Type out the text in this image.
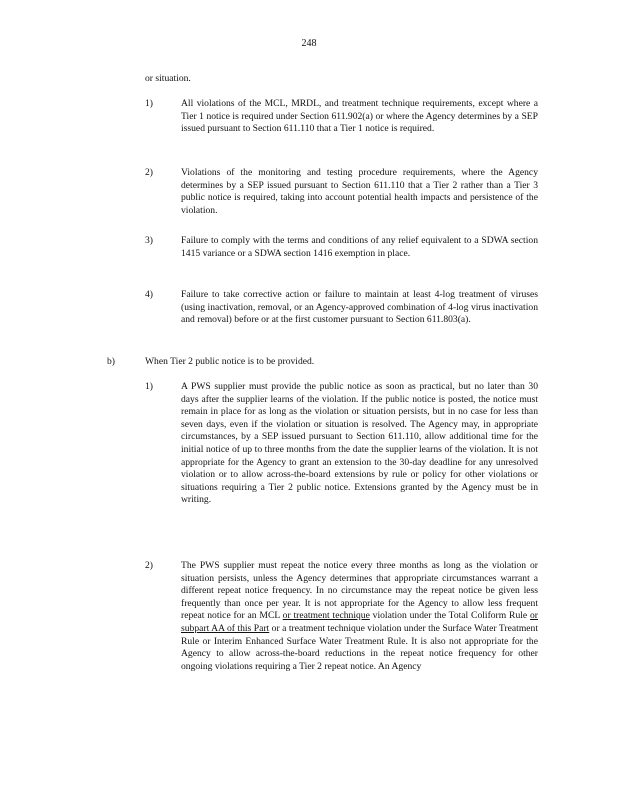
248
or situation.
1)	All violations of the MCL, MRDL, and treatment technique requirements, except where a Tier 1 notice is required under Section 611.902(a) or where the Agency determines by a SEP issued pursuant to Section 611.110 that a Tier 1 notice is required.
2)	Violations of the monitoring and testing procedure requirements, where the Agency determines by a SEP issued pursuant to Section 611.110 that a Tier 2 rather than a Tier 3 public notice is required, taking into account potential health impacts and persistence of the violation.
3)	Failure to comply with the terms and conditions of any relief equivalent to a SDWA section 1415 variance or a SDWA section 1416 exemption in place.
4)	Failure to take corrective action or failure to maintain at least 4-log treatment of viruses (using inactivation, removal, or an Agency-approved combination of 4-log virus inactivation and removal) before or at the first customer pursuant to Section 611.803(a).
b)	When Tier 2 public notice is to be provided.
1)	A PWS supplier must provide the public notice as soon as practical, but no later than 30 days after the supplier learns of the violation. If the public notice is posted, the notice must remain in place for as long as the violation or situation persists, but in no case for less than seven days, even if the violation or situation is resolved. The Agency may, in appropriate circumstances, by a SEP issued pursuant to Section 611.110, allow additional time for the initial notice of up to three months from the date the supplier learns of the violation. It is not appropriate for the Agency to grant an extension to the 30-day deadline for any unresolved violation or to allow across-the-board extensions by rule or policy for other violations or situations requiring a Tier 2 public notice. Extensions granted by the Agency must be in writing.
2)	The PWS supplier must repeat the notice every three months as long as the violation or situation persists, unless the Agency determines that appropriate circumstances warrant a different repeat notice frequency. In no circumstance may the repeat notice be given less frequently than once per year. It is not appropriate for the Agency to allow less frequent repeat notice for an MCL or treatment technique violation under the Total Coliform Rule or subpart AA of this Part or a treatment technique violation under the Surface Water Treatment Rule or Interim Enhanced Surface Water Treatment Rule. It is also not appropriate for the Agency to allow across-the-board reductions in the repeat notice frequency for other ongoing violations requiring a Tier 2 repeat notice. An Agency
